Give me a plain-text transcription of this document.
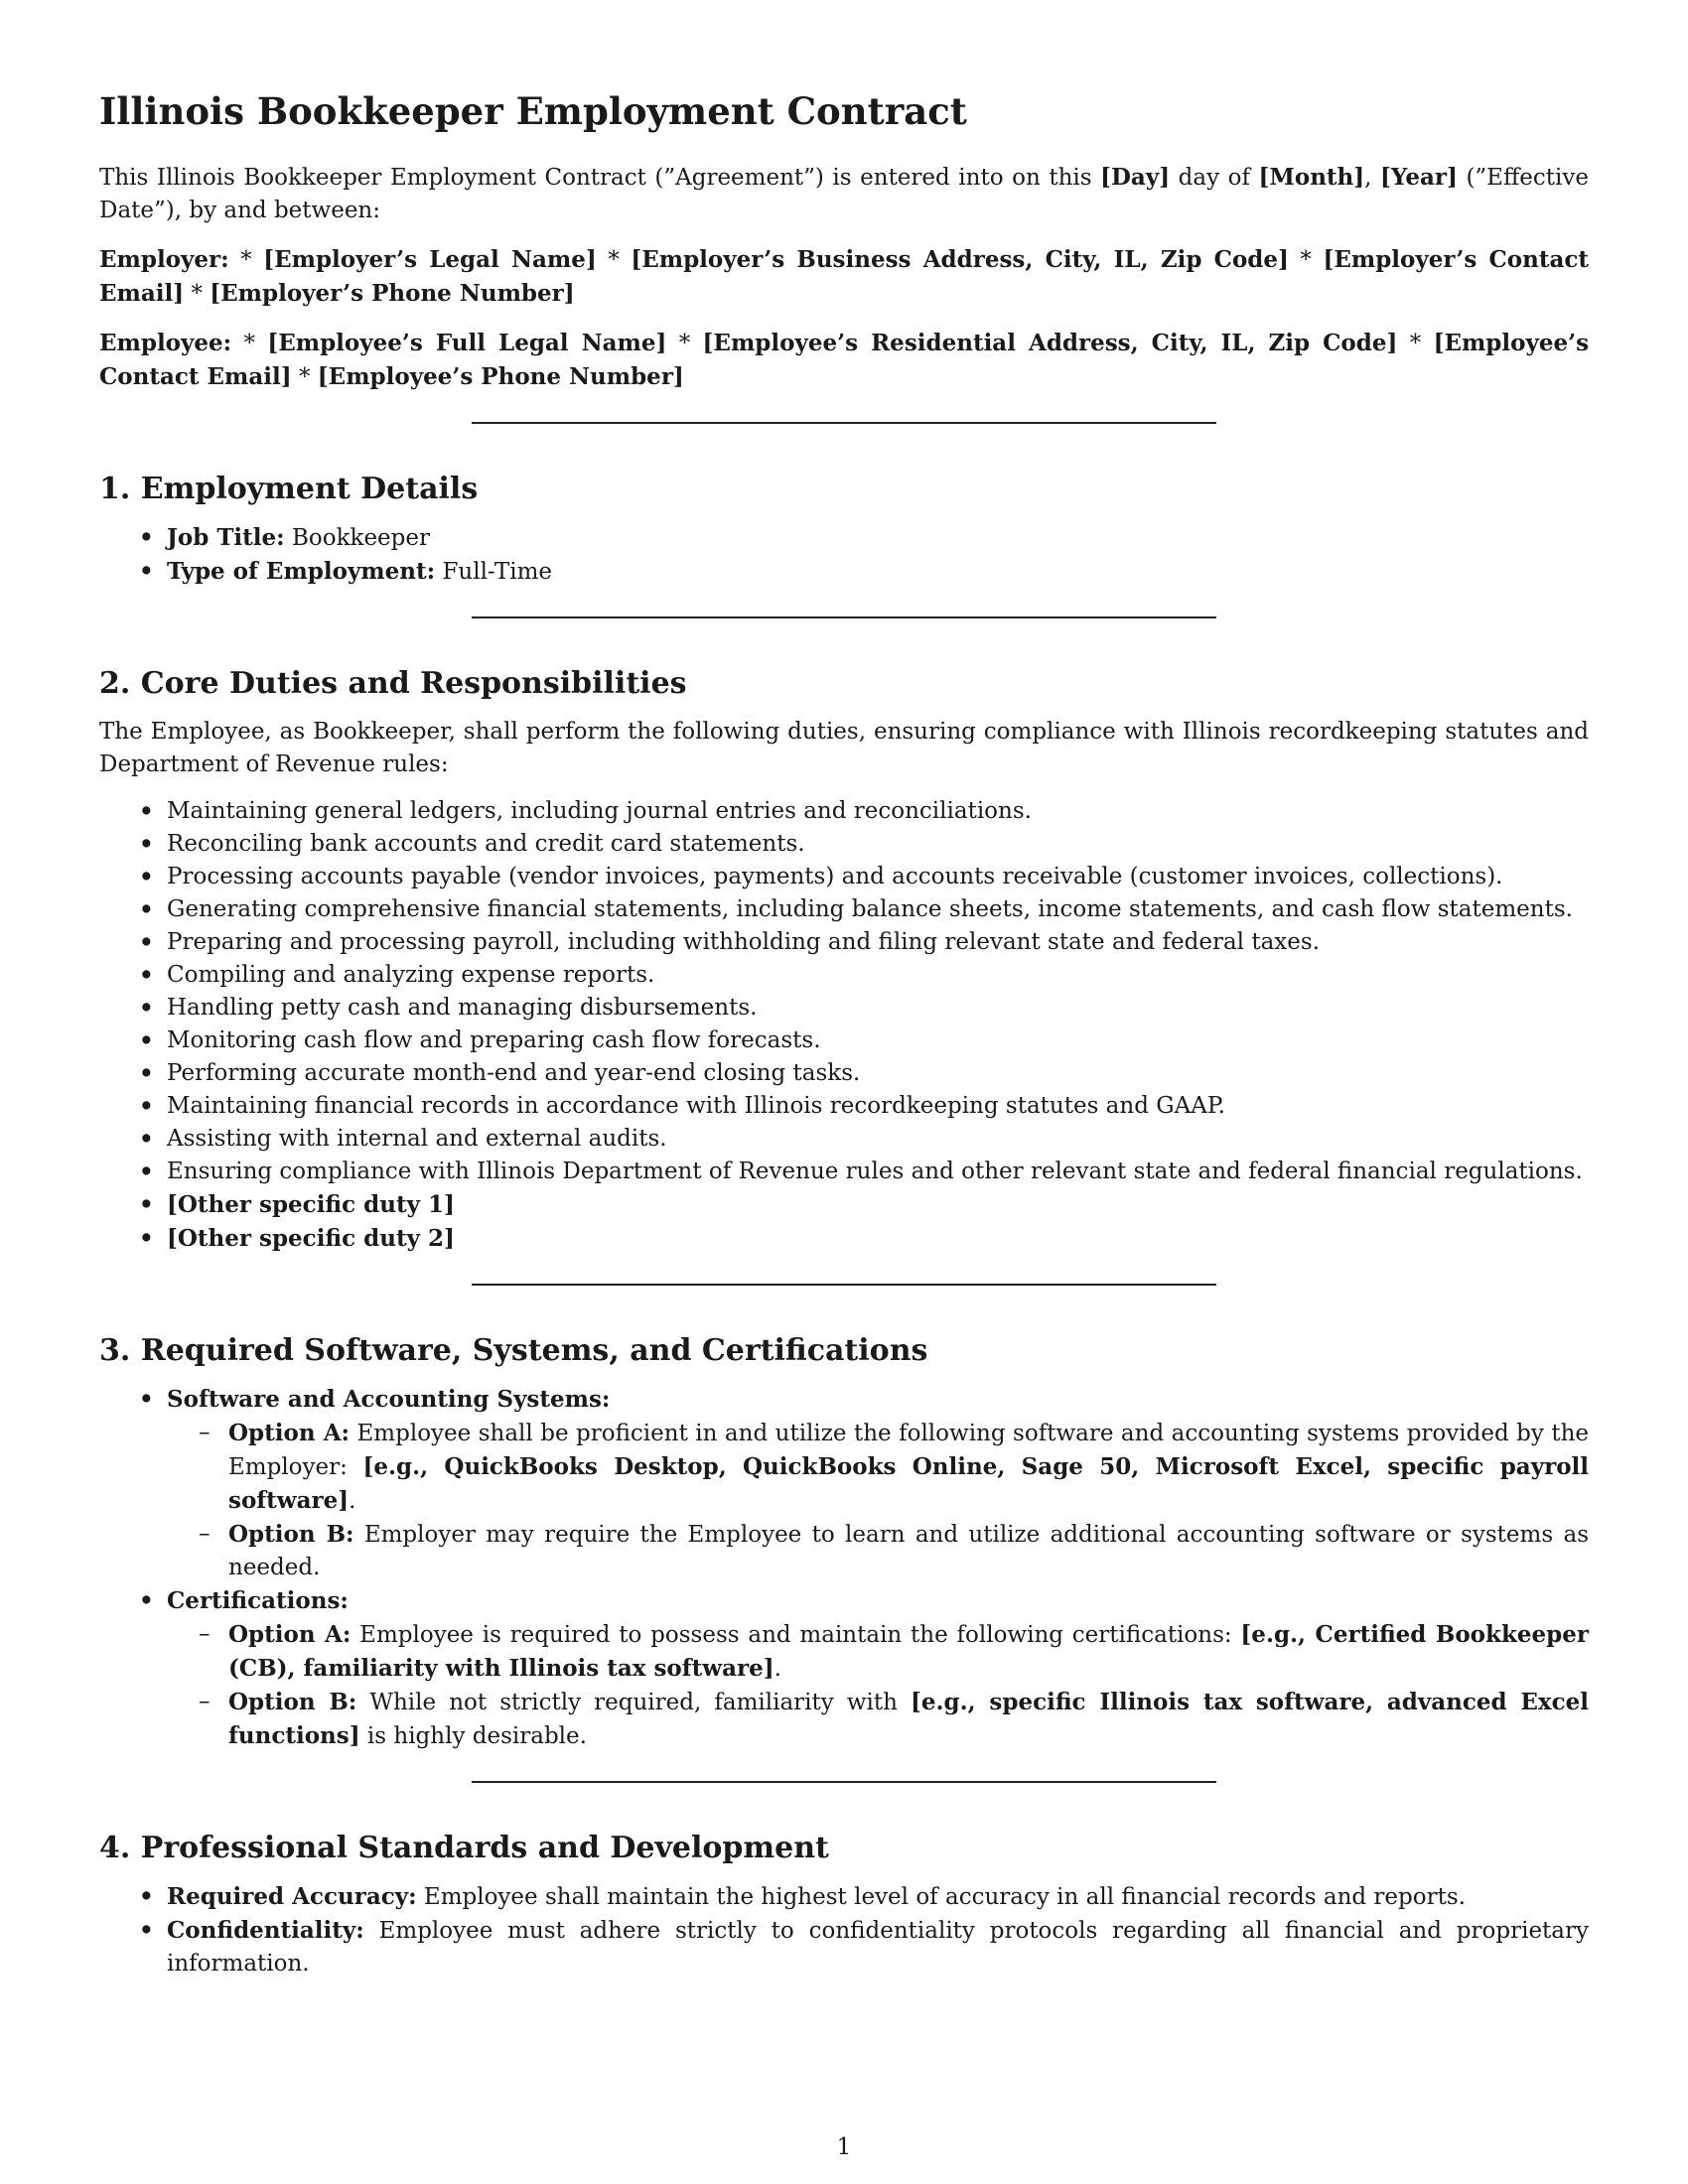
Illinois Bookkeeper Employment Contract

This Illinois Bookkeeper Employment Contract (”Agreement”) is entered into on this [Day] day of [Month], [Year] (”Effective Date”), by and between:

Employer: * [Employer’s Legal Name] * [Employer’s Business Address, City, IL, Zip Code] * [Employer’s Contact Email] * [Employer’s Phone Number]

Employee: * [Employee’s Full Legal Name] * [Employee’s Residential Address, City, IL, Zip Code] * [Employee’s Contact Email] * [Employee’s Phone Number]

1. Employment Details
• Job Title: Bookkeeper
• Type of Employment: Full-Time
2. Core Duties and Responsibilities

The Employee, as Bookkeeper, shall perform the following duties, ensuring compliance with Illinois recordkeeping statutes and Department of Revenue rules:

• Maintaining general ledgers, including journal entries and reconciliations.
• Reconciling bank accounts and credit card statements.
• Processing accounts payable (vendor invoices, payments) and accounts receivable (customer invoices, collections).
• Generating comprehensive financial statements, including balance sheets, income statements, and cash flow statements.
• Preparing and processing payroll, including withholding and filing relevant state and federal taxes.
• Compiling and analyzing expense reports.
• Handling petty cash and managing disbursements.
• Monitoring cash flow and preparing cash flow forecasts.
• Performing accurate month-end and year-end closing tasks.
• Maintaining financial records in accordance with Illinois recordkeeping statutes and GAAP.
• Assisting with internal and external audits.
• Ensuring compliance with Illinois Department of Revenue rules and other relevant state and federal financial regulations.
• [Other specific duty 1]
• [Other specific duty 2]
3. Required Software, Systems, and Certifications
• Software and Accounting Systems:
– Option A: Employee shall be proficient in and utilize the following software and accounting systems provided by the Employer: [e.g., QuickBooks Desktop, QuickBooks Online, Sage 50, Microsoft Excel, specific payroll software].
– Option B: Employer may require the Employee to learn and utilize additional accounting software or systems as needed.
• Certifications:
– Option A: Employee is required to possess and maintain the following certifications: [e.g., Certified Bookkeeper (CB), familiarity with Illinois tax software].
– Option B: While not strictly required, familiarity with [e.g., specific Illinois tax software, advanced Excel functions] is highly desirable.
4. Professional Standards and Development
• Required Accuracy: Employee shall maintain the highest level of accuracy in all financial records and reports.
• Confidentiality: Employee must adhere strictly to confidentiality protocols regarding all financial and proprietary information.
1
